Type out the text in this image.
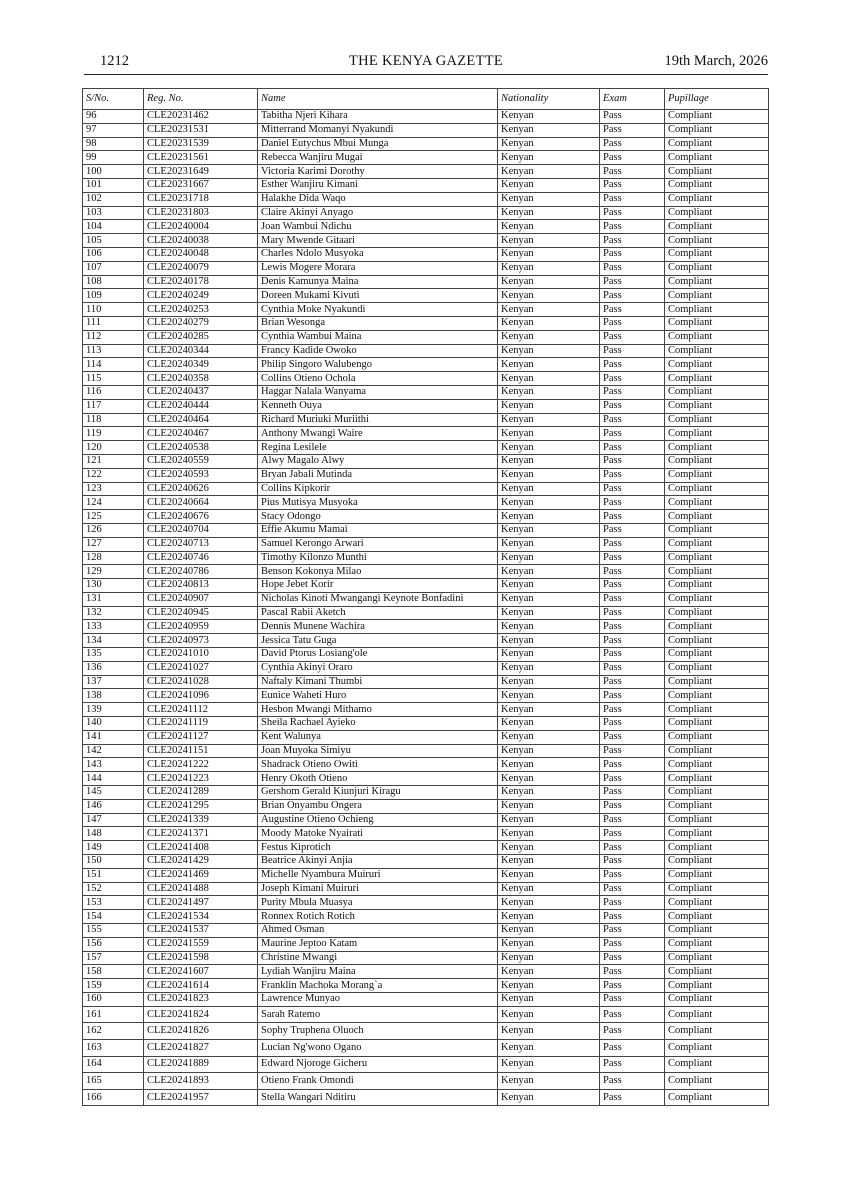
1212	THE KENYA GAZETTE	19th March, 2026
S/No.	Reg. No.	Name	Nationality	Exam	Pupillage
96	CLE20231462	Tabitha Njeri Kihara	Kenyan	Pass	Compliant
97	CLE20231531	Mitterrand Momanyi Nyakundi	Kenyan	Pass	Compliant
98	CLE20231539	Daniel Eutychus Mbui Munga	Kenyan	Pass	Compliant
99	CLE20231561	Rebecca Wanjiru Mugai	Kenyan	Pass	Compliant
100	CLE20231649	Victoria Karimi Dorothy	Kenyan	Pass	Compliant
101	CLE20231667	Esther Wanjiru Kimani	Kenyan	Pass	Compliant
102	CLE20231718	Halakhe Dida Waqo	Kenyan	Pass	Compliant
103	CLE20231803	Claire Akinyi Anyago	Kenyan	Pass	Compliant
104	CLE20240004	Joan Wambui Ndichu	Kenyan	Pass	Compliant
105	CLE20240038	Mary Mwende Gitaari	Kenyan	Pass	Compliant
106	CLE20240048	Charles Ndolo Musyoka	Kenyan	Pass	Compliant
107	CLE20240079	Lewis Mogere Morara	Kenyan	Pass	Compliant
108	CLE20240178	Denis Kamunya Maina	Kenyan	Pass	Compliant
109	CLE20240249	Doreen Mukami Kivuti	Kenyan	Pass	Compliant
110	CLE20240253	Cynthia Moke Nyakundi	Kenyan	Pass	Compliant
111	CLE20240279	Brian Wesonga	Kenyan	Pass	Compliant
112	CLE20240285	Cynthia Wambui Maina	Kenyan	Pass	Compliant
113	CLE20240344	Francy Kadide Owoko	Kenyan	Pass	Compliant
114	CLE20240349	Philip Singoro Walubengo	Kenyan	Pass	Compliant
115	CLE20240358	Collins Otieno Ochola	Kenyan	Pass	Compliant
116	CLE20240437	Haggar Nalala Wanyama	Kenyan	Pass	Compliant
117	CLE20240444	Kenneth Ouya	Kenyan	Pass	Compliant
118	CLE20240464	Richard Muriuki Muriithi	Kenyan	Pass	Compliant
119	CLE20240467	Anthony Mwangi Waire	Kenyan	Pass	Compliant
120	CLE20240538	Regina Lesilele	Kenyan	Pass	Compliant
121	CLE20240559	Alwy Magalo Alwy	Kenyan	Pass	Compliant
122	CLE20240593	Bryan Jabali Mutinda	Kenyan	Pass	Compliant
123	CLE20240626	Collins Kipkorir	Kenyan	Pass	Compliant
124	CLE20240664	Pius Mutisya Musyoka	Kenyan	Pass	Compliant
125	CLE20240676	Stacy Odongo	Kenyan	Pass	Compliant
126	CLE20240704	Effie Akumu Mamai	Kenyan	Pass	Compliant
127	CLE20240713	Samuel Kerongo Arwari	Kenyan	Pass	Compliant
128	CLE20240746	Timothy Kilonzo Munthi	Kenyan	Pass	Compliant
129	CLE20240786	Benson Kokonya Milao	Kenyan	Pass	Compliant
130	CLE20240813	Hope Jebet Korir	Kenyan	Pass	Compliant
131	CLE20240907	Nicholas Kinoti Mwangangi Keynote Bonfadini	Kenyan	Pass	Compliant
132	CLE20240945	Pascal Rabii Aketch	Kenyan	Pass	Compliant
133	CLE20240959	Dennis Munene Wachira	Kenyan	Pass	Compliant
134	CLE20240973	Jessica Tatu Guga	Kenyan	Pass	Compliant
135	CLE20241010	David Ptorus Losiang'ole	Kenyan	Pass	Compliant
136	CLE20241027	Cynthia Akinyi Oraro	Kenyan	Pass	Compliant
137	CLE20241028	Naftaly Kimani Thumbi	Kenyan	Pass	Compliant
138	CLE20241096	Eunice Waheti Huro	Kenyan	Pass	Compliant
139	CLE20241112	Hesbon Mwangi Mithamo	Kenyan	Pass	Compliant
140	CLE20241119	Sheila Rachael Ayieko	Kenyan	Pass	Compliant
141	CLE20241127	Kent Walunya	Kenyan	Pass	Compliant
142	CLE20241151	Joan Muyoka Simiyu	Kenyan	Pass	Compliant
143	CLE20241222	Shadrack Otieno Owiti	Kenyan	Pass	Compliant
144	CLE20241223	Henry Okoth Otieno	Kenyan	Pass	Compliant
145	CLE20241289	Gershom Gerald Kiunjuri Kiragu	Kenyan	Pass	Compliant
146	CLE20241295	Brian Onyambu Ongera	Kenyan	Pass	Compliant
147	CLE20241339	Augustine Otieno Ochieng	Kenyan	Pass	Compliant
148	CLE20241371	Moody Matoke Nyairati	Kenyan	Pass	Compliant
149	CLE20241408	Festus Kiprotich	Kenyan	Pass	Compliant
150	CLE20241429	Beatrice Akinyi Anjia	Kenyan	Pass	Compliant
151	CLE20241469	Michelle Nyambura Muiruri	Kenyan	Pass	Compliant
152	CLE20241488	Joseph Kimani Muiruri	Kenyan	Pass	Compliant
153	CLE20241497	Purity Mbula Muasya	Kenyan	Pass	Compliant
154	CLE20241534	Ronnex Rotich Rotich	Kenyan	Pass	Compliant
155	CLE20241537	Ahmed Osman	Kenyan	Pass	Compliant
156	CLE20241559	Maurine Jeptoo Katam	Kenyan	Pass	Compliant
157	CLE20241598	Christine Mwangi	Kenyan	Pass	Compliant
158	CLE20241607	Lydiah Wanjiru Maina	Kenyan	Pass	Compliant
159	CLE20241614	Franklin Machoka Morang`a	Kenyan	Pass	Compliant
160	CLE20241823	Lawrence Munyao	Kenyan	Pass	Compliant
161	CLE20241824	Sarah Ratemo	Kenyan	Pass	Compliant
162	CLE20241826	Sophy Truphena Oluoch	Kenyan	Pass	Compliant
163	CLE20241827	Lucian Ng'wono Ogano	Kenyan	Pass	Compliant
164	CLE20241889	Edward Njoroge Gicheru	Kenyan	Pass	Compliant
165	CLE20241893	Otieno Frank Omondi	Kenyan	Pass	Compliant
166	CLE20241957	Stella Wangari Nditiru	Kenyan	Pass	Compliant
